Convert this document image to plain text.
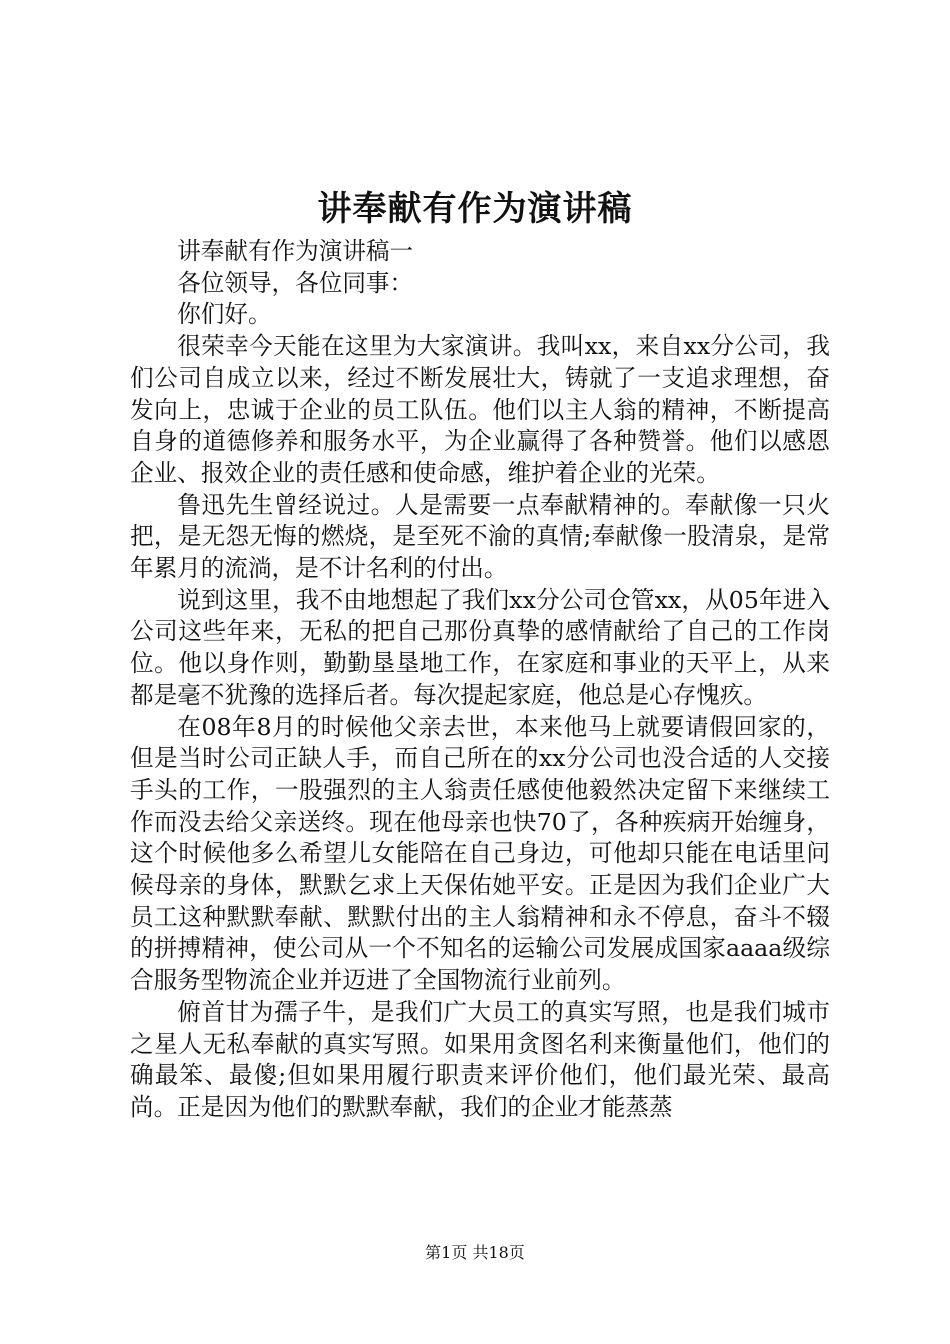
讲奉献有作为演讲稿

讲奉献有作为演讲稿一

各位领导，各位同事：

你们好。

很荣幸今天能在这里为大家演讲。我叫xx，来自xx分公司，我们公司自成立以来，经过不断发展壮大，铸就了一支追求理想，奋发向上，忠诚于企业的员工队伍。他们以主人翁的精神，不断提高自身的道德修养和服务水平，为企业赢得了各种赞誉。他们以感恩企业、报效企业的责任感和使命感，维护着企业的光荣。

鲁迅先生曾经说过。人是需要一点奉献精神的。奉献像一只火把，是无怨无悔的燃烧，是至死不渝的真情;奉献像一股清泉，是常年累月的流淌，是不计名利的付出。

说到这里，我不由地想起了我们xx分公司仓管xx，从05年进入公司这些年来，无私的把自己那份真挚的感情献给了自己的工作岗位。他以身作则，勤勤垦垦地工作，在家庭和事业的天平上，从来都是毫不犹豫的选择后者。每次提起家庭，他总是心存愧疚。

在08年8月的时候他父亲去世，本来他马上就要请假回家的，但是当时公司正缺人手，而自己所在的xx分公司也没合适的人交接手头的工作，一股强烈的主人翁责任感使他毅然决定留下来继续工作而没去给父亲送终。现在他母亲也快70了，各种疾病开始缠身，这个时候他多么希望儿女能陪在自己身边，可他却只能在电话里问候母亲的身体，默默乞求上天保佑她平安。正是因为我们企业广大员工这种默默奉献、默默付出的主人翁精神和永不停息，奋斗不辍的拼搏精神，使公司从一个不知名的运输公司发展成国家aaaa级综合服务型物流企业并迈进了全国物流行业前列。

俯首甘为孺子牛，是我们广大员工的真实写照，也是我们城市之星人无私奉献的真实写照。如果用贪图名利来衡量他们，他们的确最笨、最傻;但如果用履行职责来评价他们，他们最光荣、最高尚。正是因为他们的默默奉献，我们的企业才能蒸蒸

第1页 共18页
